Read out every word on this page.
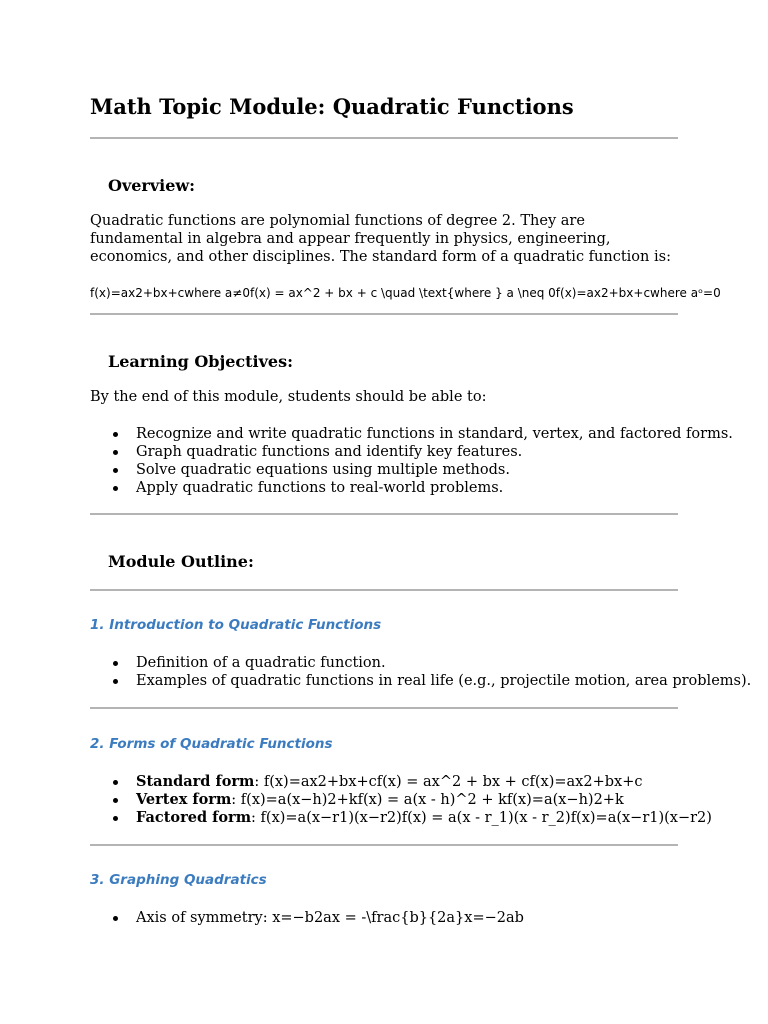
Math Topic Module: Quadratic Functions
Overview:

Quadratic functions are polynomial functions of degree 2. They are fundamental in algebra and appear frequently in physics, engineering, economics, and other disciplines. The standard form of a quadratic function is:

f(x)=ax2+bx+cwhere a≠0f(x) = ax^2 + bx + c \quad \text{where } a \neq 0f(x)=ax2+bx+cwhere aᵒ=0
Learning Objectives:

By the end of this module, students should be able to:

Recognize and write quadratic functions in standard, vertex, and factored forms.
Graph quadratic functions and identify key features.
Solve quadratic equations using multiple methods.
Apply quadratic functions to real-world problems.
Module Outline:
1. Introduction to Quadratic Functions
Definition of a quadratic function.
Examples of quadratic functions in real life (e.g., projectile motion, area problems).
2. Forms of Quadratic Functions
Standard form: f(x)=ax2+bx+cf(x) = ax^2 + bx + cf(x)=ax2+bx+c
Vertex form: f(x)=a(x−h)2+kf(x) = a(x - h)^2 + kf(x)=a(x−h)2+k
Factored form: f(x)=a(x−r1)(x−r2)f(x) = a(x - r_1)(x - r_2)f(x)=a(x−r1)(x−r2)
3. Graphing Quadratics
Axis of symmetry: x=−b2ax = -\frac{b}{2a}x=−2ab
